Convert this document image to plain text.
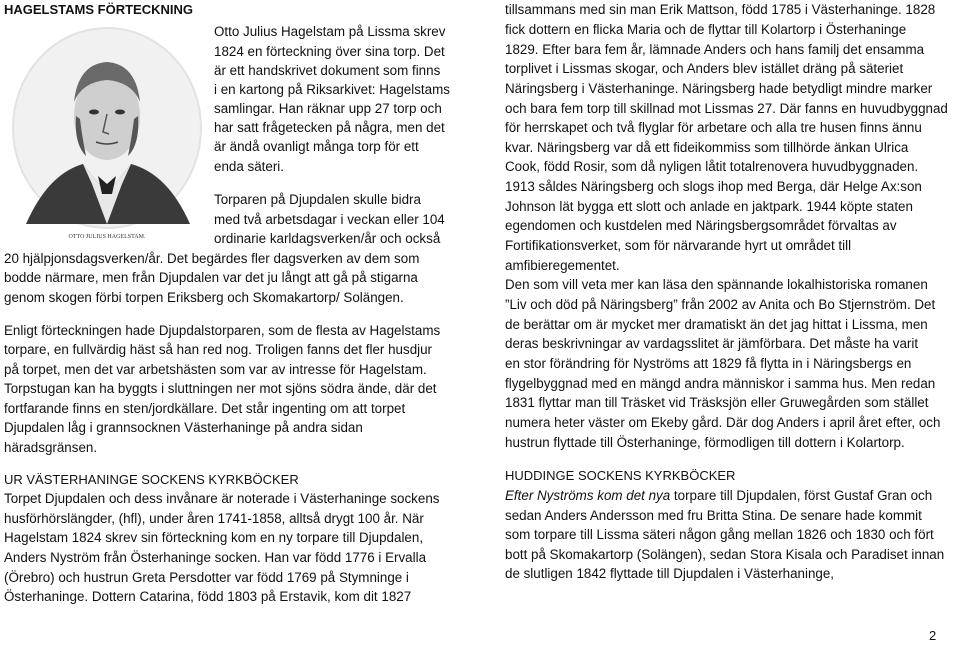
HAGELSTAMS FÖRTECKNING
OTTO JULIUS HAGELSTAM.
Otto Julius Hagelstam på Lissma skrev
1824 en förteckning över sina torp. Det
är ett handskrivet dokument som finns
i en kartong på Riksarkivet: Hagelstams
samlingar. Han räknar upp 27 torp och
har satt frågetecken på några, men det
är ändå ovanligt många torp för ett
enda säteri.
Torparen på Djupdalen skulle bidra
med två arbetsdagar i veckan eller 104
ordinarie karldagsverken/år och också
20 hjälpjonsdagsverken/år. Det begärdes fler dagsverken av dem som
bodde närmare, men från Djupdalen var det ju långt att gå på stigarna
genom skogen förbi torpen Eriksberg och Skomakartorp/ Solängen.
Enligt förteckningen hade Djupdalstorparen, som de flesta av Hagelstams
torpare, en fullvärdig häst så han red nog. Troligen fanns det fler husdjur
på torpet, men det var arbetshästen som var av intresse för Hagelstam.
Torpstugan kan ha byggts i sluttningen ner mot sjöns södra ände, där det
fortfarande finns en sten/jordkällare. Det står ingenting om att torpet
Djupdalen låg i grannsocknen Västerhaninge på andra sidan
häradsgränsen.
UR VÄSTERHANINGE SOCKENS KYRKBÖCKER
Torpet Djupdalen och dess invånare är noterade i Västerhaninge sockens
husförhörslängder, (hfl), under åren 1741-1858, alltså drygt 100 år. När
Hagelstam 1824 skrev sin förteckning kom en ny torpare till Djupdalen,
Anders Nyström från Österhaninge socken. Han var född 1776 i Ervalla
(Örebro) och hustrun Greta Persdotter var född 1769 på Stymninge i
Österhaninge. Dottern Catarina, född 1803 på Erstavik, kom dit 1827
tillsammans med sin man Erik Mattson, född 1785 i Västerhaninge. 1828
fick dottern en flicka Maria och de flyttar till Kolartorp i Österhaninge
1829. Efter bara fem år, lämnade Anders och hans familj det ensamma
torplivet i Lissmas skogar, och Anders blev istället dräng på säteriet
Näringsberg i Västerhaninge. Näringsberg hade betydligt mindre marker
och bara fem torp till skillnad mot Lissmas 27. Där fanns en huvudbyggnad
för herrskapet och två flyglar för arbetare och alla tre husen finns ännu
kvar. Näringsberg var då ett fideikommiss som tillhörde änkan Ulrica
Cook, född Rosir, som då nyligen låtit totalrenovera huvudbyggnaden.
1913 såldes Näringsberg och slogs ihop med Berga, där Helge Ax:son
Johnson lät bygga ett slott och anlade en jaktpark. 1944 köpte staten
egendomen och kustdelen med Näringsbergsområdet förvaltas av
Fortifikationsverket, som för närvarande hyrt ut området till
amfibieregementet.
Den som vill veta mer kan läsa den spännande lokalhistoriska romanen
”Liv och död på Näringsberg” från 2002 av Anita och Bo Stjernström. Det
de berättar om är mycket mer dramatiskt än det jag hittat i Lissma, men
deras beskrivningar av vardagsslitet är jämförbara. Det måste ha varit
en stor förändring för Nyströms att 1829 få flytta in i Näringsbergs en
flygelbyggnad med en mängd andra människor i samma hus. Men redan
1831 flyttar man till Träsket vid Träsksjön eller Gruwegården som stället
numera heter väster om Ekeby gård. Där dog Anders i april året efter, och
hustrun flyttade till Österhaninge, förmodligen till dottern i Kolartorp.
HUDDINGE SOCKENS KYRKBÖCKER
Efter Nyströms kom det nya torpare till Djupdalen, först Gustaf Gran och
sedan Anders Andersson med fru Britta Stina. De senare hade kommit
som torpare till Lissma säteri någon gång mellan 1826 och 1830 och fört
bott på Skomakartorp (Solängen), sedan Stora Kisala och Paradiset innan
de slutligen 1842 flyttade till Djupdalen i Västerhaninge,
2
